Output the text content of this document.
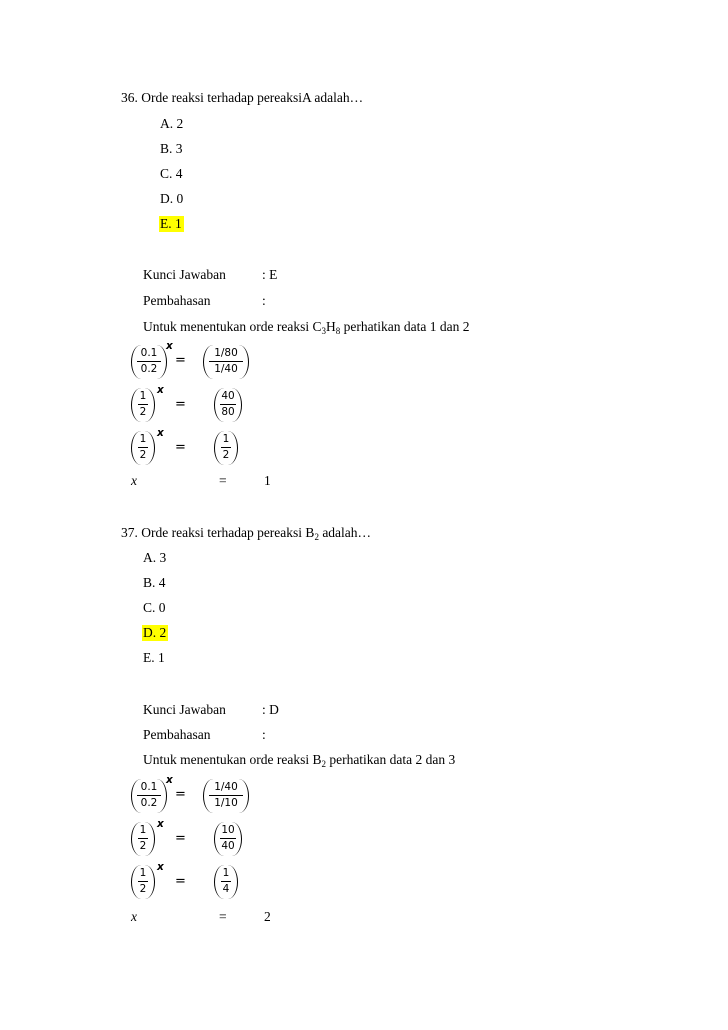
36. Orde reaksi terhadap pereaksiA adalah…
A. 2
B. 3
C. 4
D. 0
E. 1
Kunci Jawaban	: E
Pembahasan	:
Untuk menentukan orde reaksi $C_3H_8$ perhatikan data 1 dan 2
0.1
0.2
x
=	1/80
1/40
1
2
x
=
40
80
1
2
x
=
1
2
x	=	1
37. Orde reaksi terhadap pereaksi $B_2$ adalah…
A. 3
B. 4
C. 0
D. 2
E. 1
Kunci Jawaban	: D
Pembahasan	:
Untuk menentukan orde reaksi $B_2$ perhatikan data 2 dan 3
0.1
0.2
x
=	1/40
1/10
1
2
x
=
10
40
1
2
x
=
1
4
x	=	2
